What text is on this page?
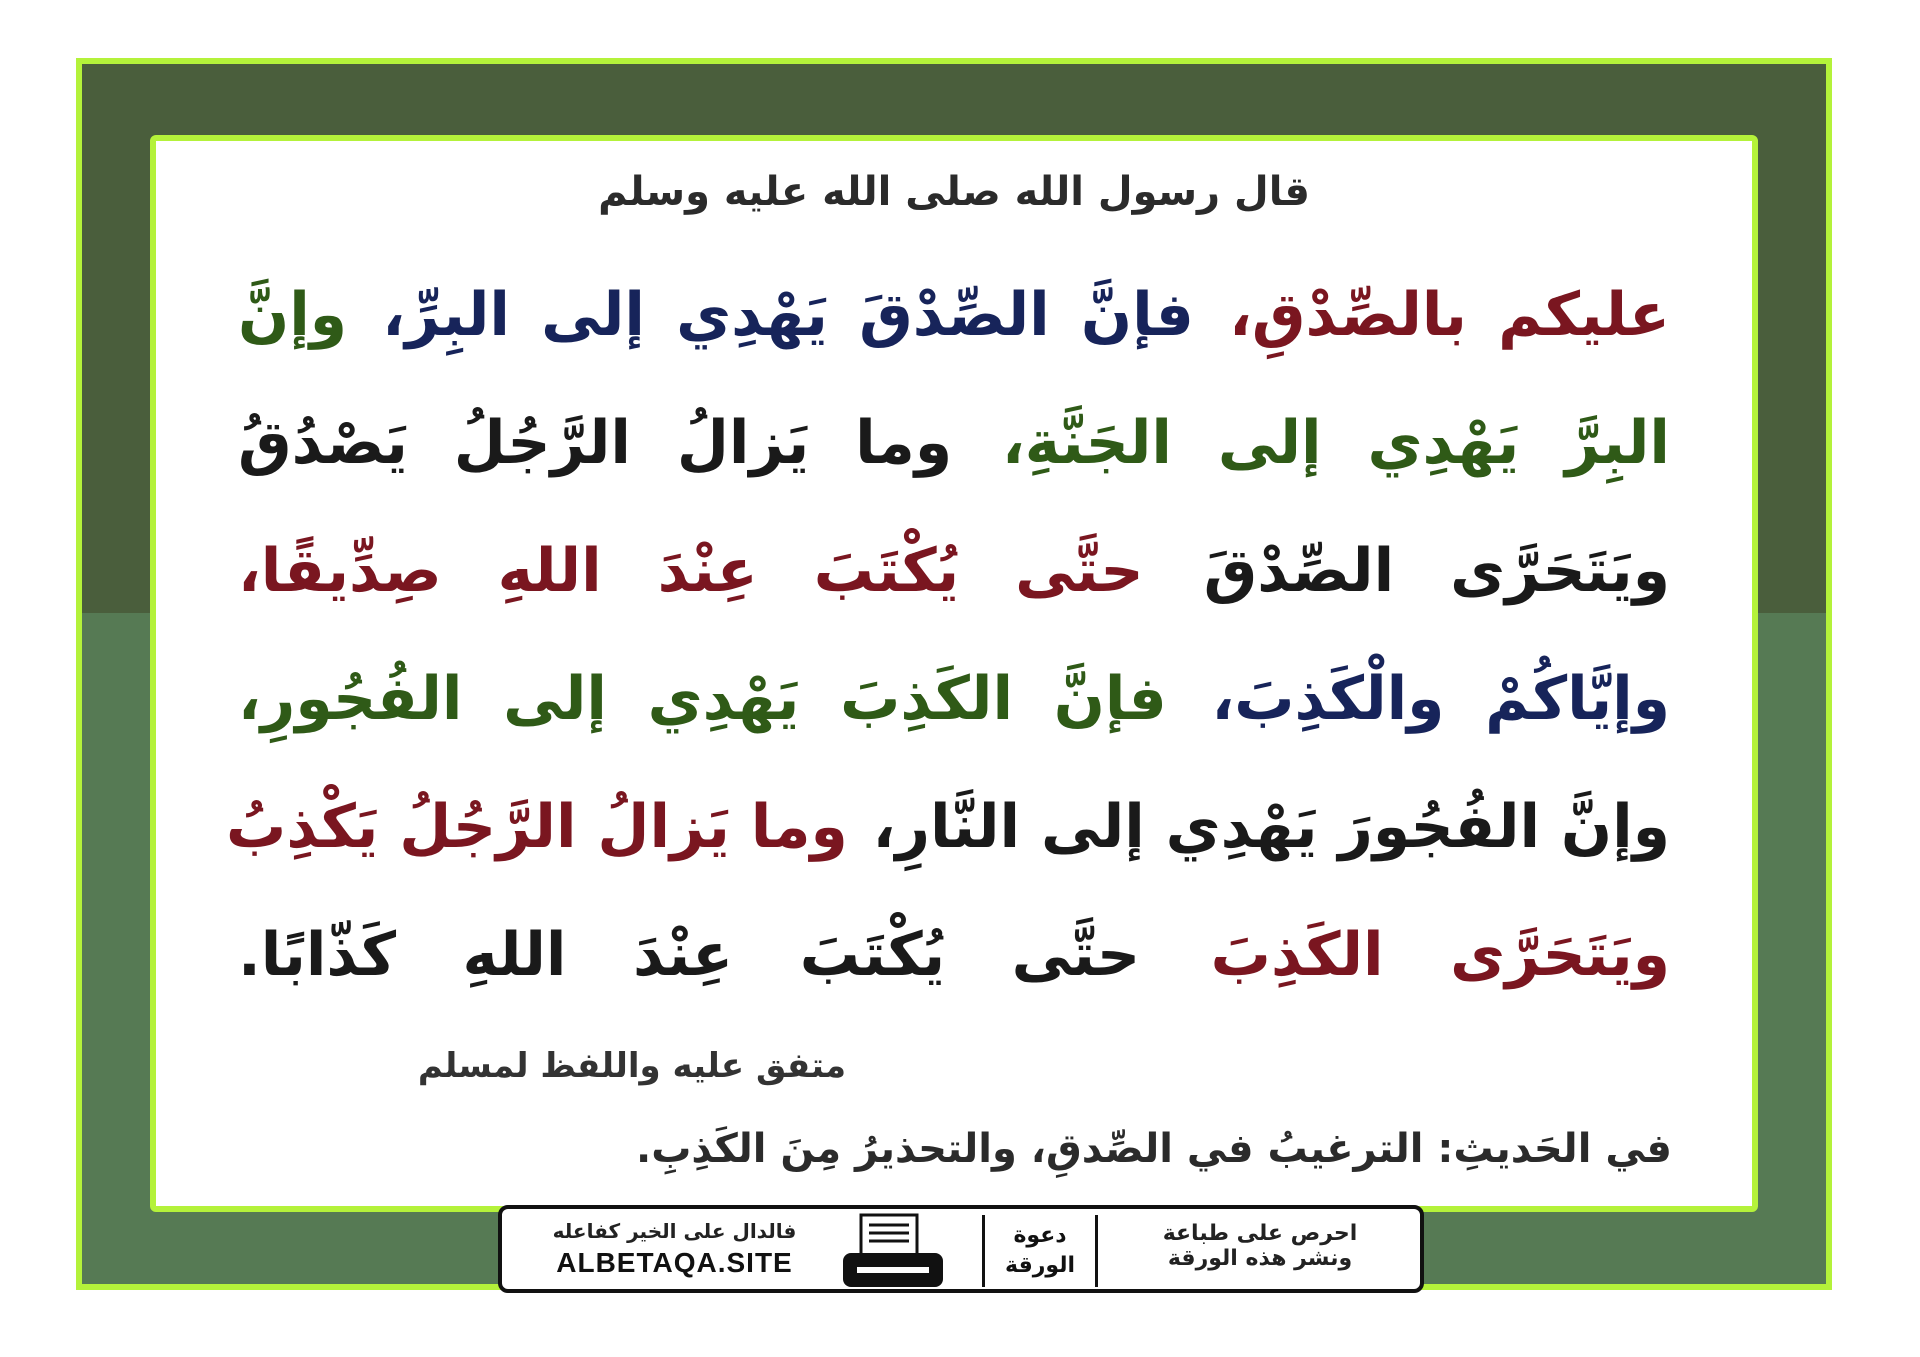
قال رسول الله صلى الله عليه وسلم
عليكم بالصِّدْقِ، فإنَّ الصِّدْقَ يَهْدِي إلى البِرِّ، وإنَّ
البِرَّ يَهْدِي إلى الجَنَّةِ، وما يَزالُ الرَّجُلُ يَصْدُقُ
ويَتَحَرَّى الصِّدْقَ حتَّى يُكْتَبَ عِنْدَ اللهِ صِدِّيقًا،
وإيَّاكُمْ والْكَذِبَ، فإنَّ الكَذِبَ يَهْدِي إلى الفُجُورِ،
وإنَّ الفُجُورَ يَهْدِي إلى النَّارِ، وما يَزالُ الرَّجُلُ يَكْذِبُ
ويَتَحَرَّى الكَذِبَ حتَّى يُكْتَبَ عِنْدَ اللهِ كَذّابًا.
متفق عليه واللفظ لمسلم
في الحَديثِ: الترغيبُ في الصِّدقِ، والتحذيرُ مِنَ الكَذِبِ.
فالدال على الخير كفاعله
ALBETAQA.SITE
دعوة الورقة
احرص على طباعة
ونشر هذه الورقة
